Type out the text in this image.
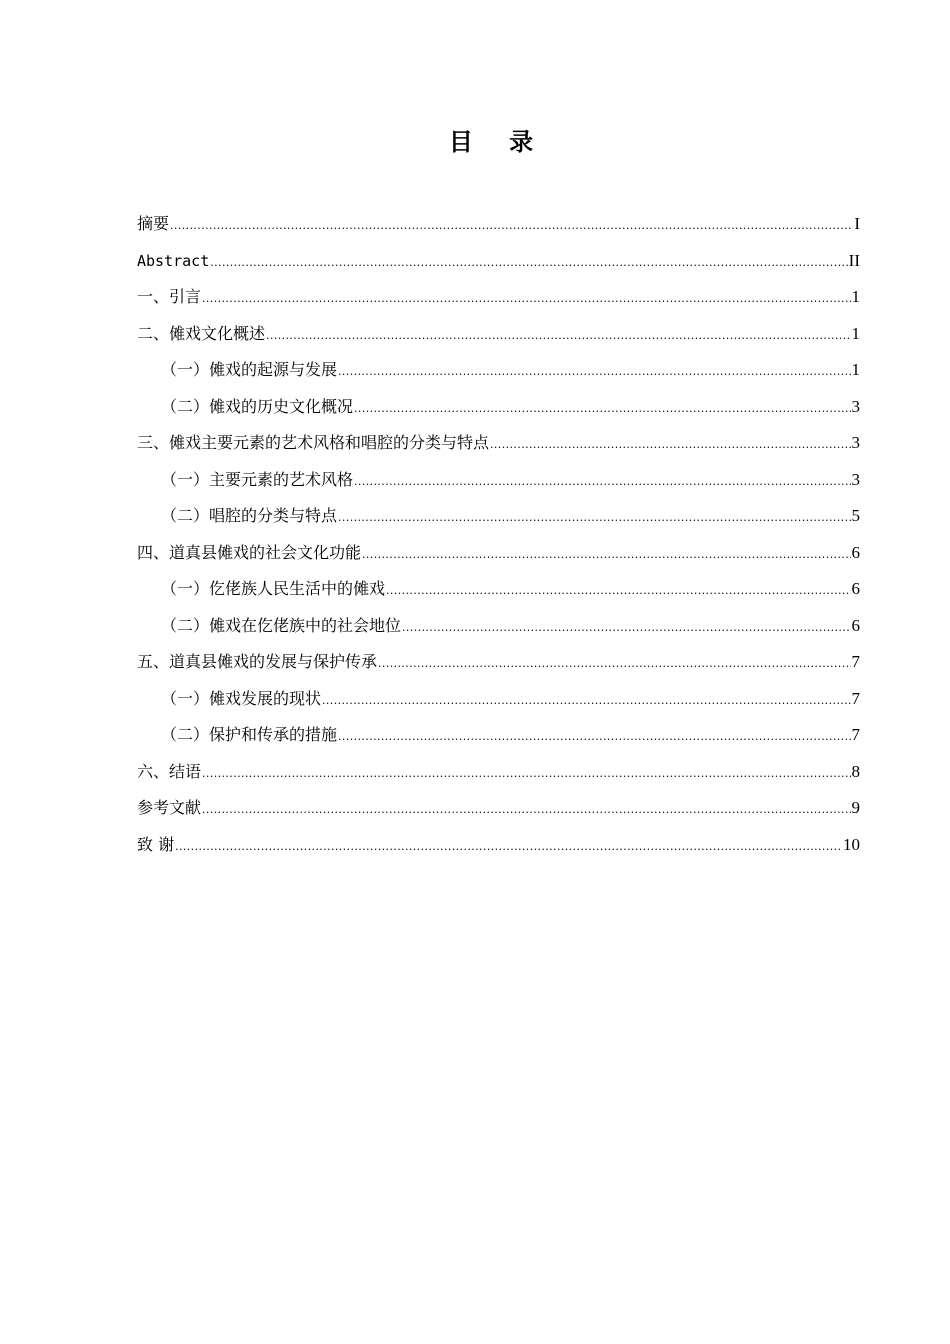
目 录
摘要 .....	I
Abstract .....	II
一、引言 .....	1
二、傩戏文化概述 .....	1
（一）傩戏的起源与发展 .....	1
（二）傩戏的历史文化概况 .....	3
三、傩戏主要元素的艺术风格和唱腔的分类与特点 .....	3
（一）主要元素的艺术风格 .....	3
（二）唱腔的分类与特点 .....	5
四、道真县傩戏的社会文化功能 .....	6
（一）仡佬族人民生活中的傩戏 .....	6
（二）傩戏在仡佬族中的社会地位 .....	6
五、道真县傩戏的发展与保护传承 .....	7
（一）傩戏发展的现状 .....	7
（二）保护和传承的措施 .....	7
六、结语 .....	8
参考文献 .....	9
致 谢 .....	10
